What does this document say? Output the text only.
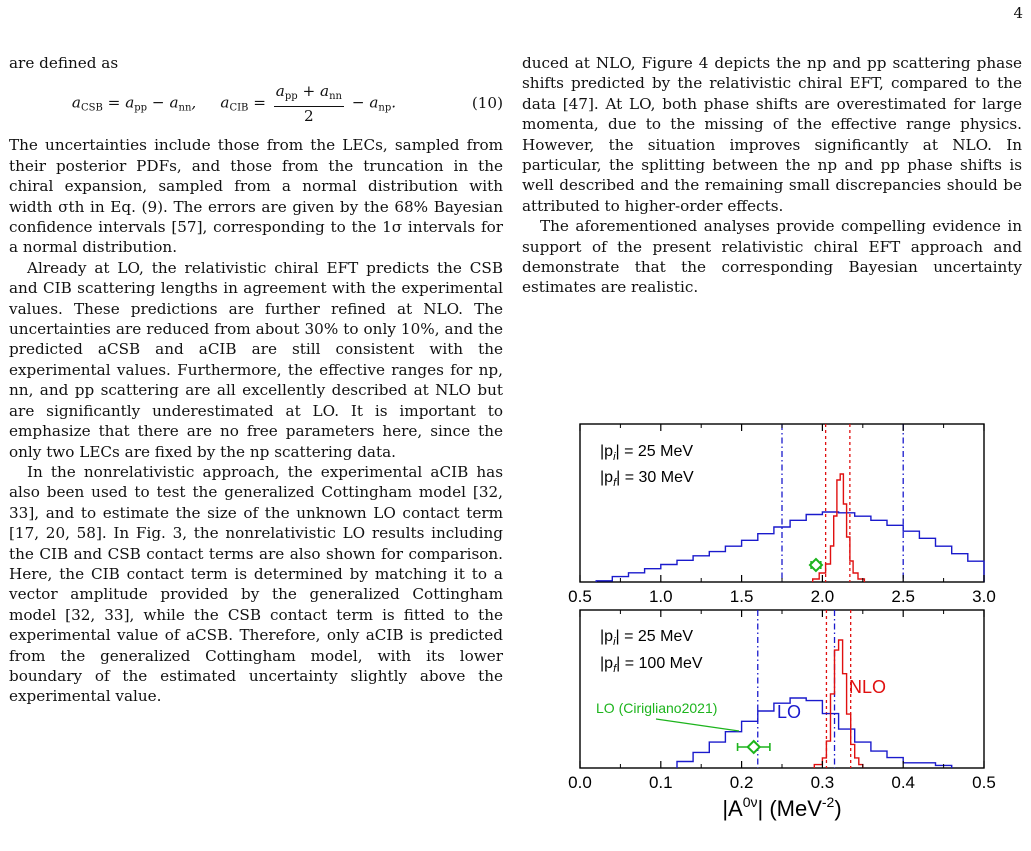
4

are defined as

$a_{CSB} = a_{pp} - a_{nn}$, $a_{CIB} = \frac{a_{pp} + a_{nn}}{2} - a_{np}$.	(10)

The uncertainties include those from the LECs, sampled from their posterior PDFs, and those from the truncation in the chiral expansion, sampled from a normal distribution with width σth in Eq. (9). The errors are given by the 68% Bayesian confidence intervals [57], corresponding to the 1σ intervals for a normal distribution.

Already at LO, the relativistic chiral EFT predicts the CSB and CIB scattering lengths in agreement with the experimental values. These predictions are further refined at NLO. The uncertainties are reduced from about 30% to only 10%, and the predicted aCSB and aCIB are still consistent with the experimental values. Furthermore, the effective ranges for np, nn, and pp scattering are all excellently described at NLO but are significantly underestimated at LO. It is important to emphasize that there are no free parameters here, since the only two LECs are fixed by the np scattering data.

In the nonrelativistic approach, the experimental aCIB has also been used to test the generalized Cottingham model [32, 33], and to estimate the size of the unknown LO contact term [17, 20, 58]. In Fig. 3, the nonrelativistic LO results including the CIB and CSB contact terms are also shown for comparison. Here, the CIB contact term is determined by matching it to a vector amplitude provided by the generalized Cottingham model [32, 33], while the CSB contact term is fitted to the experimental value of aCSB. Therefore, only aCIB is predicted from the generalized Cottingham model, with its lower boundary of the estimated uncertainty slightly above the experimental value.

duced at NLO, Figure 4 depicts the np and pp scattering phase shifts predicted by the relativistic chiral EFT, compared to the data [47]. At LO, both phase shifts are overestimated for large momenta, due to the missing of the effective range physics. However, the situation improves significantly at NLO. In particular, the splitting between the np and pp phase shifts is well described and the remaining small discrepancies should be attributed to higher-order effects.

The aforementioned analyses provide compelling evidence in support of the present relativistic chiral EFT approach and demonstrate that the corresponding Bayesian uncertainty estimates are realistic.

0.5	1.0	1.5	2.0	2.5	3.0
0.0	0.1	0.2	0.3	0.4	0.5
$|p_i| = 25$ MeV
$|p_f| = 30$ MeV
$|p_i| = 25$ MeV
$|p_f| = 100$ MeV
LO
NLO
LO (Cirigliano2021)
$|A^{0\nu}|$ (MeV$^{-2}$)
